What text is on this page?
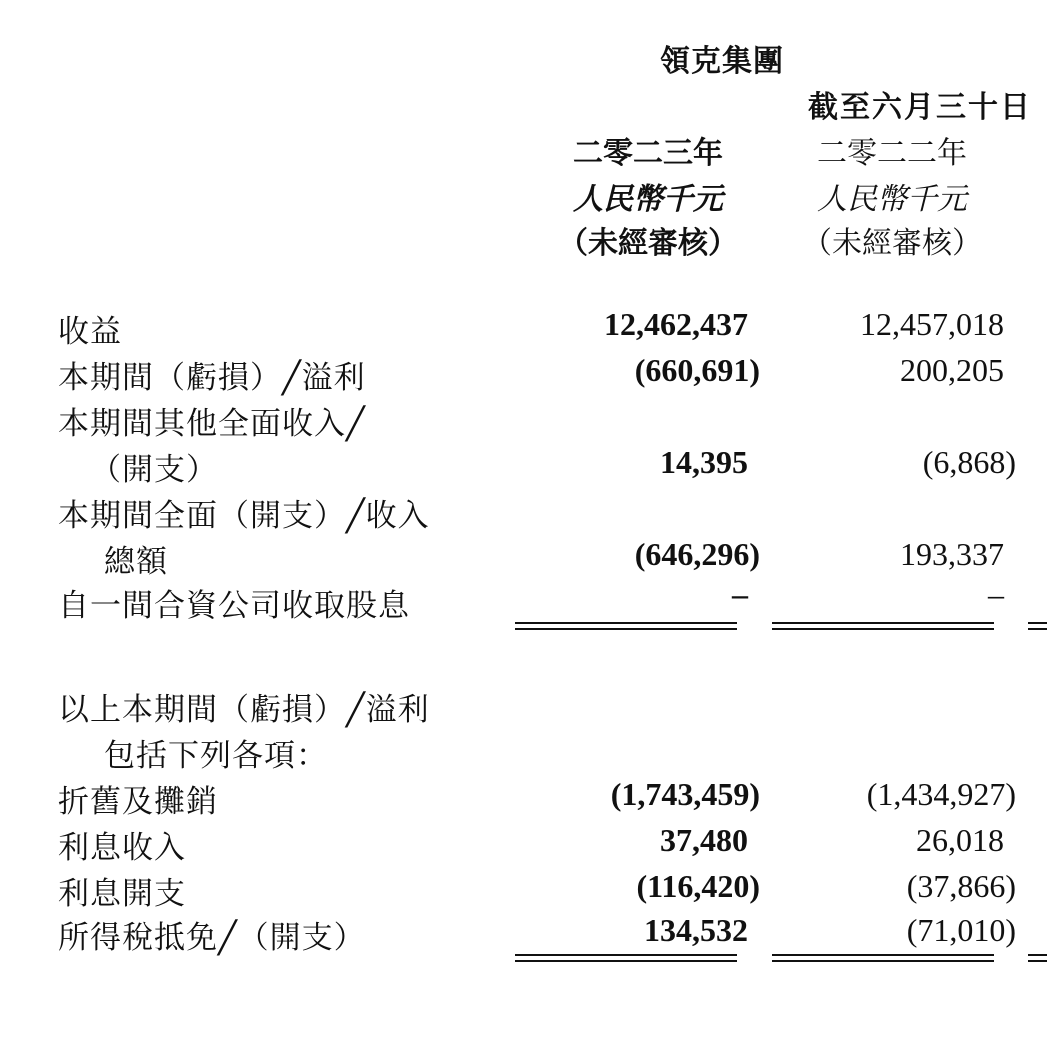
領克集團
截至六月三十日
二零二三年
人民幣千元
（未經審核）
二零二二年
人民幣千元
（未經審核）
收益	12,462,437	12,457,018
本期間（虧損）╱溢利	(660,691)	200,205
本期間其他全面收入╱
（開支）	14,395	(6,868)
本期間全面（開支）╱收入
總額	(646,296)	193,337
自一間合資公司收取股息	–	–
以上本期間（虧損）╱溢利
包括下列各項：
折舊及攤銷	(1,743,459)	(1,434,927)
利息收入	37,480	26,018
利息開支	(116,420)	(37,866)
所得稅抵免╱（開支）	134,532	(71,010)
